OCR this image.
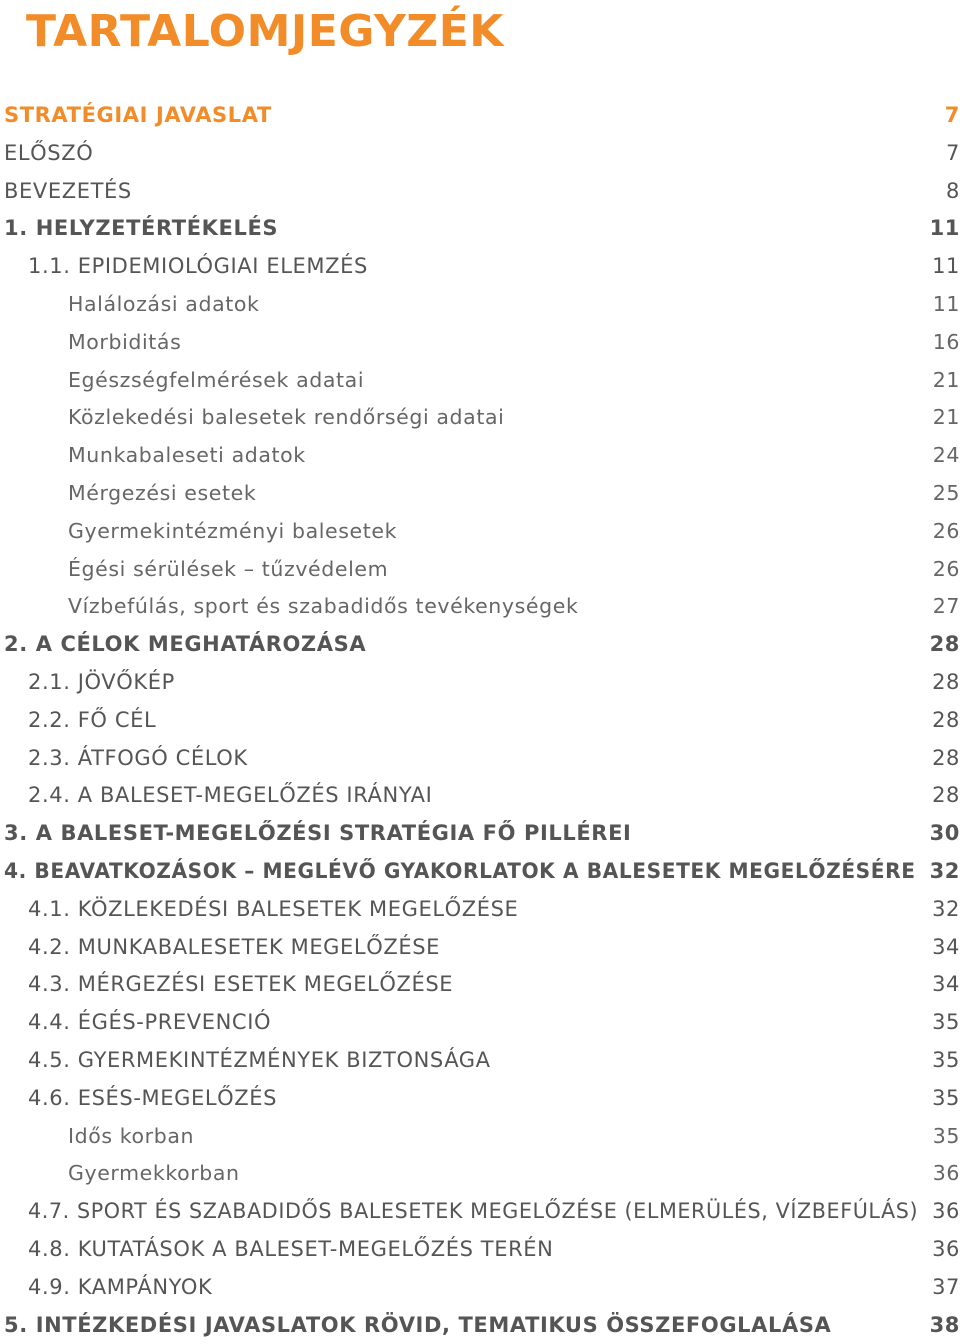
TARTALOMJEGYZÉK
STRATÉGIAI JAVASLAT	7
ELŐSZÓ	7
BEVEZETÉS	8
1. HELYZETÉRTÉKELÉS	11
1.1. EPIDEMIOLÓGIAI ELEMZÉS	11
Halálozási adatok	11
Morbiditás	16
Egészségfelmérések adatai	21
Közlekedési balesetek rendőrségi adatai	21
Munkabaleseti adatok	24
Mérgezési esetek	25
Gyermekintézményi balesetek	26
Égési sérülések – tűzvédelem	26
Vízbefúlás, sport és szabadidős tevékenységek	27
2. A CÉLOK MEGHATÁROZÁSA	28
2.1. JÖVŐKÉP	28
2.2. FŐ CÉL	28
2.3. ÁTFOGÓ CÉLOK	28
2.4. A BALESET-MEGELŐZÉS IRÁNYAI	28
3. A BALESET-MEGELŐZÉSI STRATÉGIA FŐ PILLÉREI	30
4. BEAVATKOZÁSOK – MEGLÉVŐ GYAKORLATOK A BALESETEK MEGELŐZÉSÉRE 32
4.1. KÖZLEKEDÉSI BALESETEK MEGELŐZÉSE	32
4.2. MUNKABALESETEK MEGELŐZÉSE	34
4.3. MÉRGEZÉSI ESETEK MEGELŐZÉSE	34
4.4. ÉGÉS-PREVENCIÓ	35
4.5. GYERMEKINTÉZMÉNYEK BIZTONSÁGA	35
4.6. ESÉS-MEGELŐZÉS	35
Idős korban	35
Gyermekkorban	36
4.7. SPORT ÉS SZABADIDŐS BALESETEK MEGELŐZÉSE (ELMERÜLÉS, VÍZBEFÚLÁS) 36
4.8. KUTATÁSOK A BALESET-MEGELŐZÉS TERÉN	36
4.9. KAMPÁNYOK	37
5. INTÉZKEDÉSI JAVASLATOK RÖVID, TEMATIKUS ÖSSZEFOGLALÁSA	38
